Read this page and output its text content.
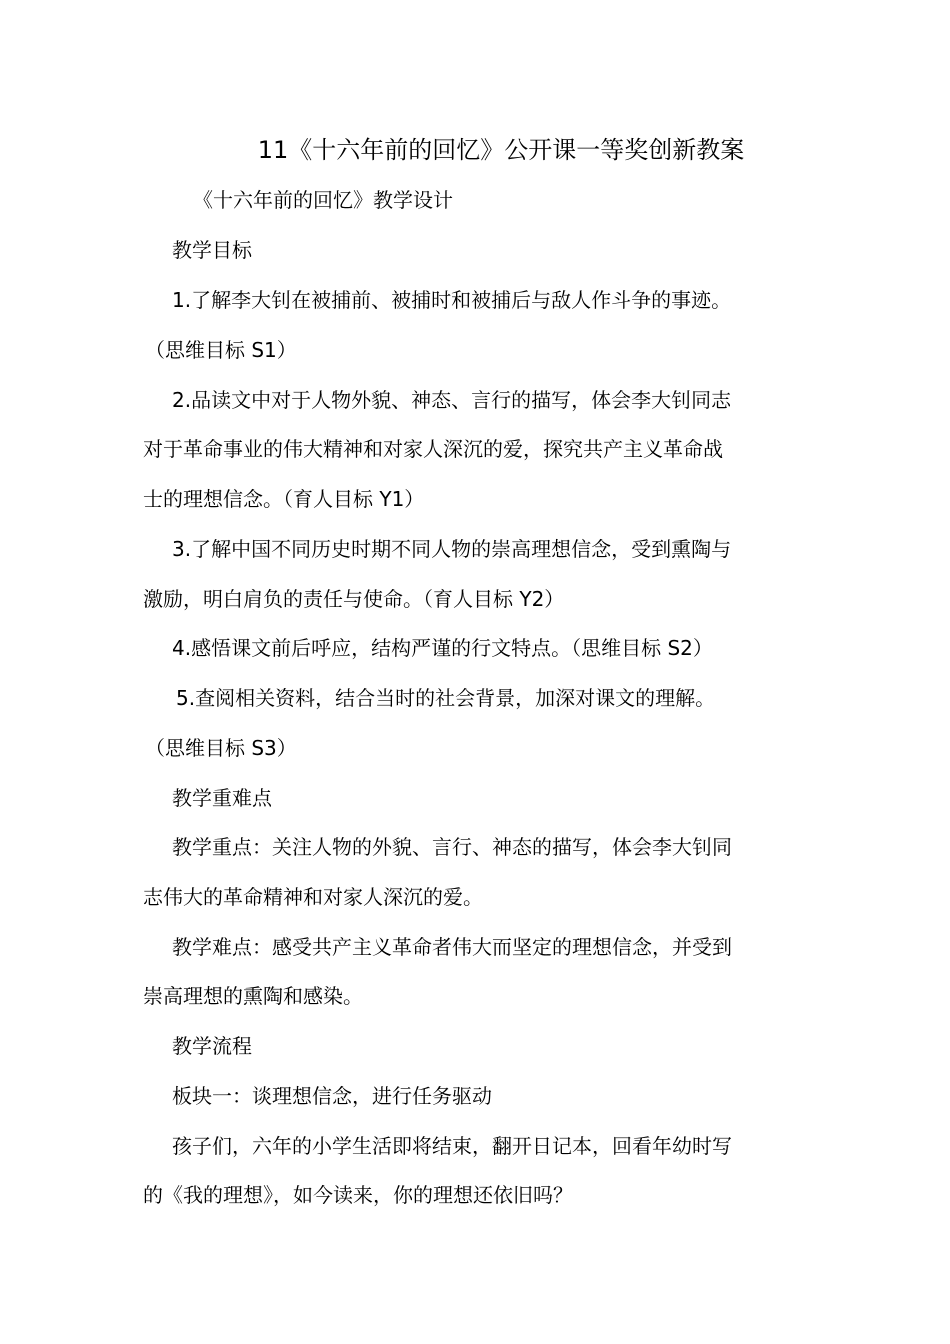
11《十六年前的回忆》公开课一等奖创新教案
《十六年前的回忆》教学设计
教学目标
1.了解李大钊在被捕前、被捕时和被捕后与敌人作斗争的事迹。
（思维目标 S1）
2.品读文中对于人物外貌、神态、言行的描写，体会李大钊同志
对于革命事业的伟大精神和对家人深沉的爱，探究共产主义革命战
士的理想信念。（育人目标 Y1）
3.了解中国不同历史时期不同人物的崇高理想信念，受到熏陶与
激励，明白肩负的责任与使命。（育人目标 Y2）
4.感悟课文前后呼应，结构严谨的行文特点。（思维目标 S2）
5.查阅相关资料，结合当时的社会背景，加深对课文的理解。
（思维目标 S3）
教学重难点
教学重点：关注人物的外貌、言行、神态的描写，体会李大钊同
志伟大的革命精神和对家人深沉的爱。
教学难点：感受共产主义革命者伟大而坚定的理想信念，并受到
崇高理想的熏陶和感染。
教学流程
板块一：谈理想信念，进行任务驱动
孩子们，六年的小学生活即将结束，翻开日记本，回看年幼时写
的《我的理想》，如今读来，你的理想还依旧吗？
